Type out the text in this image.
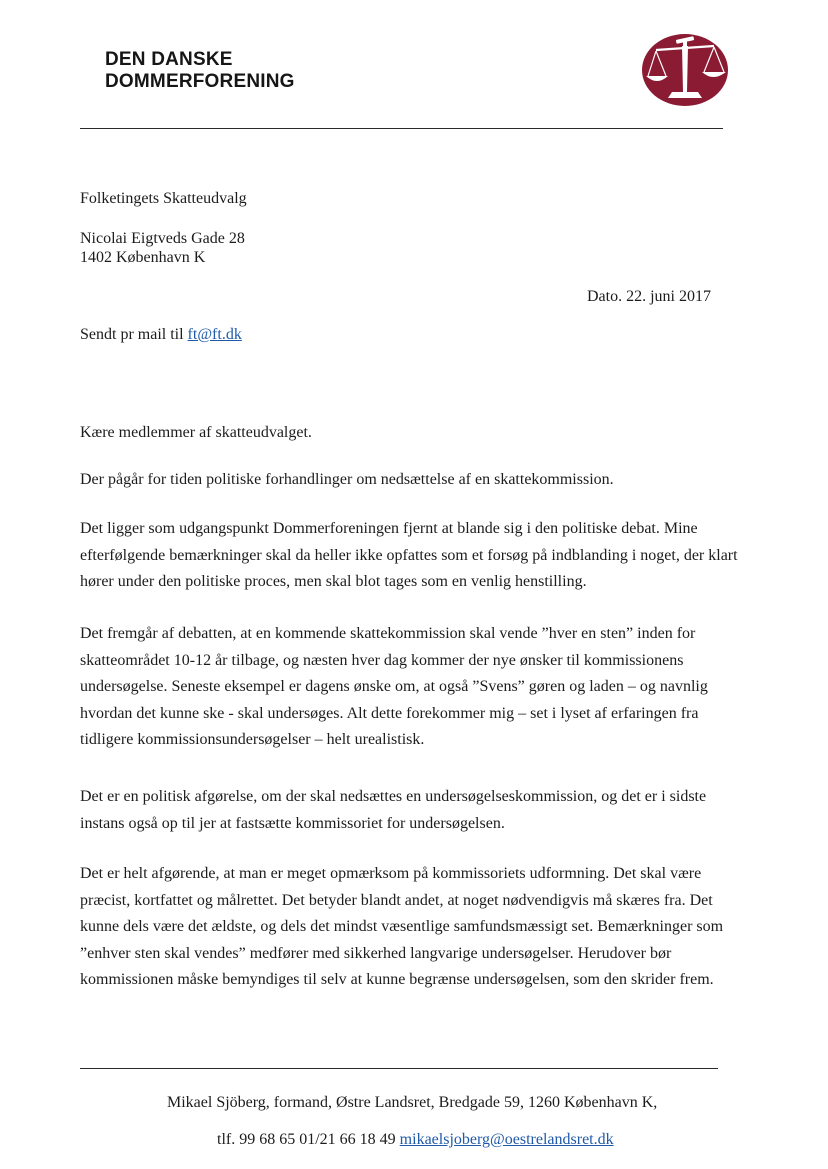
DEN DANSKE
DOMMERFORENING
Folketingets Skatteudvalg
Nicolai Eigtveds Gade 28
1402 København K
Dato. 22. juni 2017
Sendt pr mail til ft@ft.dk
Kære medlemmer af skatteudvalget.
Der pågår for tiden politiske forhandlinger om nedsættelse af en skattekommission.
Det ligger som udgangspunkt Dommerforeningen fjernt at blande sig i den politiske debat. Mine
efterfølgende bemærkninger skal da heller ikke opfattes som et forsøg på indblanding i noget, der klart
hører under den politiske proces, men skal blot tages som en venlig henstilling.
Det fremgår af debatten, at en kommende skattekommission skal vende ”hver en sten” inden for
skatteområdet 10-12 år tilbage, og næsten hver dag kommer der nye ønsker til kommissionens
undersøgelse. Seneste eksempel er dagens ønske om, at også ”Svens” gøren og laden – og navnlig
hvordan det kunne ske - skal undersøges. Alt dette forekommer mig – set i lyset af erfaringen fra
tidligere kommissionsundersøgelser – helt urealistisk.
Det er en politisk afgørelse, om der skal nedsættes en undersøgelseskommission, og det er i sidste
instans også op til jer at fastsætte kommissoriet for undersøgelsen.
Det er helt afgørende, at man er meget opmærksom på kommissoriets udformning. Det skal være
præcist, kortfattet og målrettet. Det betyder blandt andet, at noget nødvendigvis må skæres fra. Det
kunne dels være det ældste, og dels det mindst væsentlige samfundsmæssigt set. Bemærkninger som
”enhver sten skal vendes” medfører med sikkerhed langvarige undersøgelser. Herudover bør
kommissionen måske bemyndiges til selv at kunne begrænse undersøgelsen, som den skrider frem.
Mikael Sjöberg, formand, Østre Landsret, Bredgade 59, 1260 København K,
tlf. 99 68 65 01/21 66 18 49 mikaelsjoberg@oestrelandsret.dk
